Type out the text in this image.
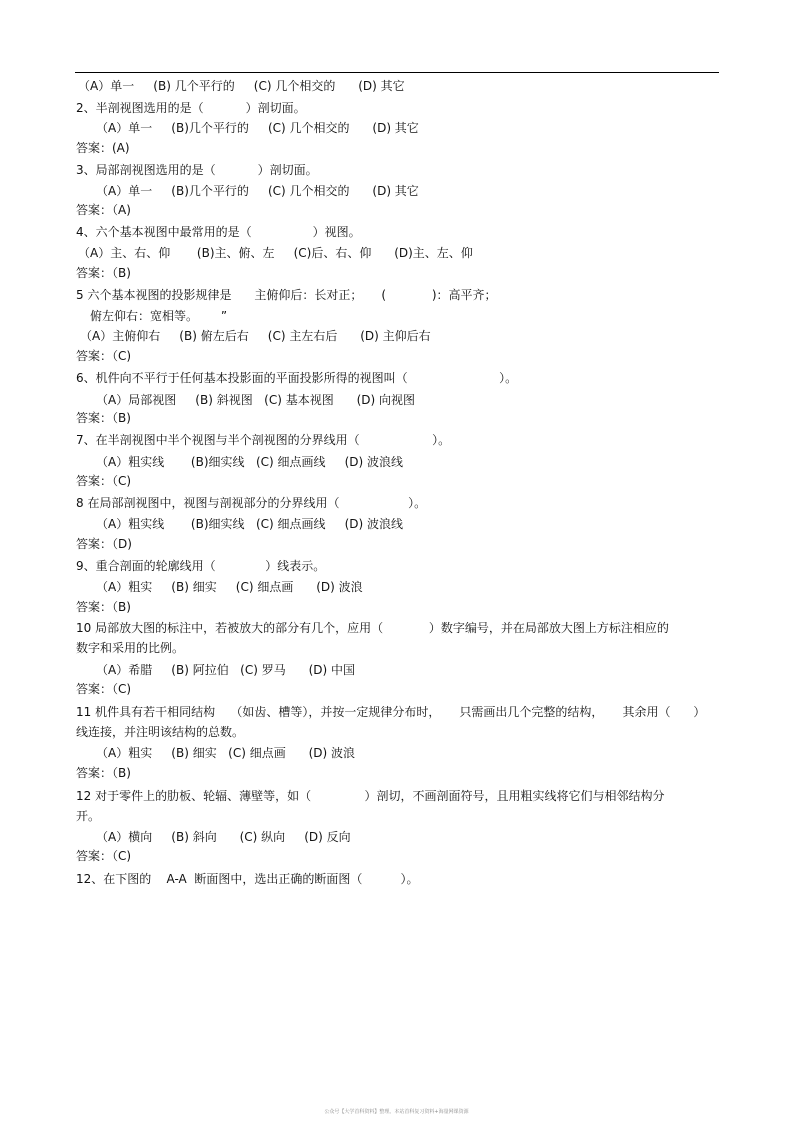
（A）单一     (B) 几个平行的     (C) 几个相交的      (D) 其它
2、半剖视图选用的是（           ）剖切面。
（A）单一     (B)几个平行的     (C) 几个相交的      (D) 其它
答案：(A)
3、局部剖视图选用的是（           ）剖切面。
（A）单一     (B)几个平行的     (C) 几个相交的      (D) 其它
答案：（A)
4、六个基本视图中最常用的是（                ）视图。
（A）主、右、仰       (B)主、俯、左     (C)后、右、仰      (D)主、左、仰
答案：（B)
5 六个基本视图的投影规律是      主俯仰后：长对正；     (            )：高平齐；
俯左仰右：宽相等。      ”
（A）主俯仰右     (B) 俯左后右     (C) 主左右后      (D) 主仰后右
答案：（C)
6、机件向不平行于任何基本投影面的平面投影所得的视图叫（                        ）。
（A）局部视图     (B) 斜视图   (C) 基本视图      (D) 向视图
答案：（B)
7、在半剖视图中半个视图与半个剖视图的分界线用（                   ）。
（A）粗实线       (B)细实线   (C) 细点画线     (D) 波浪线
答案：（C)
8 在局部剖视图中，视图与剖视部分的分界线用（                  ）。
（A）粗实线       (B)细实线   (C) 细点画线     (D) 波浪线
答案：（D)
9、重合剖面的轮廓线用（             ）线表示。
（A）粗实     (B) 细实     (C) 细点画      (D) 波浪
答案：（B)
10 局部放大图的标注中，若被放大的部分有几个，应用（            ）数字编号，并在局部放大图上方标注相应的
数字和采用的比例。
（A）希腊     (B) 阿拉伯   (C) 罗马      (D) 中国
答案：（C)
11 机件具有若干相同结构    （如齿、槽等），并按一定规律分布时，     只需画出几个完整的结构，     其余用（      ）
线连接，并注明该结构的总数。
（A）粗实     (B) 细实   (C) 细点画      (D) 波浪
答案：（B)
12 对于零件上的肋板、轮辐、薄壁等，如（              ）剖切，不画剖面符号，且用粗实线将它们与相邻结构分
开。
（A）横向     (B) 斜向      (C) 纵向     (D) 反向
答案：（C)
12、在下图的    A-A  断面图中，选出正确的断面图（          ）。
公众号【大学首科资料】整理。本站首科复习资料+海量网课资源
